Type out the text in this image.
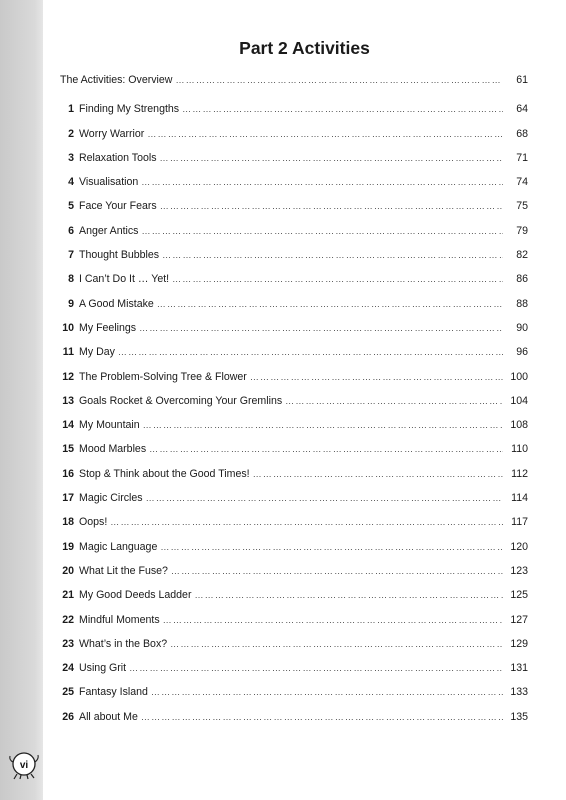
Part 2 Activities
The Activities: Overview ……………………………………………………………………………………………………………………………………………………………………	61
1 Finding My Strengths ……………………………………………………………………………………………………………………………………………………………………	64
2 Worry Warrior ……………………………………………………………………………………………………………………………………………………………………	68
3 Relaxation Tools ……………………………………………………………………………………………………………………………………………………………………	71
4 Visualisation ……………………………………………………………………………………………………………………………………………………………………	74
5 Face Your Fears ……………………………………………………………………………………………………………………………………………………………………	75
6 Anger Antics ……………………………………………………………………………………………………………………………………………………………………	79
7 Thought Bubbles ……………………………………………………………………………………………………………………………………………………………………	82
8 I Can’t Do It … Yet! ……………………………………………………………………………………………………………………………………………………………………	86
9 A Good Mistake ……………………………………………………………………………………………………………………………………………………………………	88
10 My Feelings ……………………………………………………………………………………………………………………………………………………………………	90
11 My Day ……………………………………………………………………………………………………………………………………………………………………	96
12 The Problem-Solving Tree & Flower ……………………………………………………………………………………………………………………………………………………………………	100
13 Goals Rocket & Overcoming Your Gremlins ……………………………………………………………………………………………………………………………………………………………………	104
14 My Mountain ……………………………………………………………………………………………………………………………………………………………………	108
15 Mood Marbles ……………………………………………………………………………………………………………………………………………………………………	110
16 Stop & Think about the Good Times! ……………………………………………………………………………………………………………………………………………………………………	112
17 Magic Circles ……………………………………………………………………………………………………………………………………………………………………	114
18 Oops! ……………………………………………………………………………………………………………………………………………………………………	117
19 Magic Language ……………………………………………………………………………………………………………………………………………………………………	120
20 What Lit the Fuse? ……………………………………………………………………………………………………………………………………………………………………	123
21 My Good Deeds Ladder ……………………………………………………………………………………………………………………………………………………………………	125
22 Mindful Moments ……………………………………………………………………………………………………………………………………………………………………	127
23 What’s in the Box? ……………………………………………………………………………………………………………………………………………………………………	129
24 Using Grit ……………………………………………………………………………………………………………………………………………………………………	131
25 Fantasy Island ……………………………………………………………………………………………………………………………………………………………………	133
26 All about Me ……………………………………………………………………………………………………………………………………………………………………	135
vi
